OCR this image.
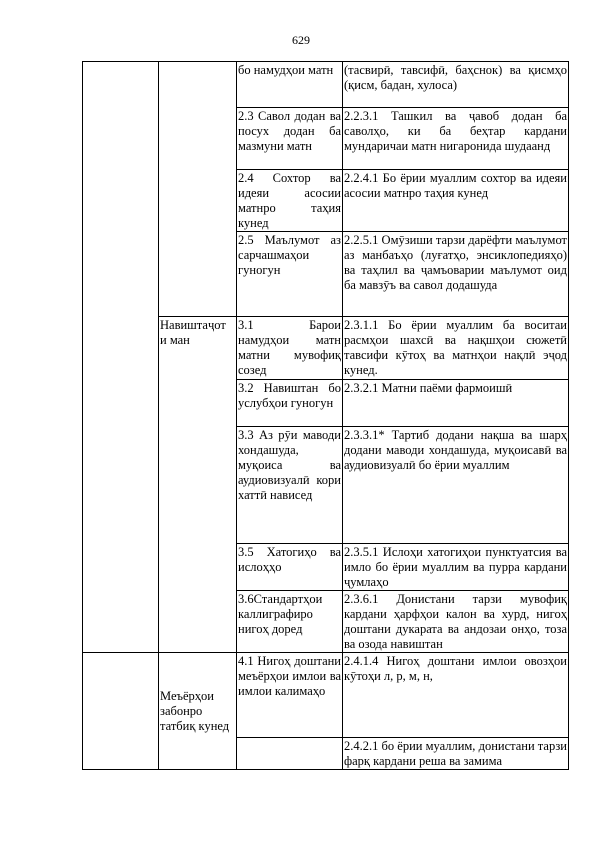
629
		бо намудҳои матн	(тасвирӣ, тавсифӣ, баҳснок) ва қисмҳо (қисм, бадан, хулоса)
		2.3 Савол додан ва посух додан ба мазмуни матн	2.2.3.1 Ташкил ва ҷавоб додан ба саволҳо, ки ба беҳтар кардани мундаричаи матн нигаронида шудаанд
		2.4 Сохтор ва идеяи асосии матнро таҳия кунед	2.2.4.1 Бо ёрии муаллим сохтор ва идеяи асосии матнро таҳия кунед
		2.5 Маълумот аз сарчашмаҳои гуногун	2.2.5.1 Омӯзиши тарзи дарёфти маълумот аз манбаъҳо (луғатҳо, энсиклопедияҳо) ва таҳлил ва ҷамъоварии маълумот оид ба мавзӯъ ва савол додашуда
	Навиштаҷот и ман	3.1 Барои намудҳои матн матни мувофиқ созед	2.3.1.1 Бо ёрии муаллим ба воситаи расмҳои шахсӣ ва нақшҳои сюжетӣ тавсифи кӯтоҳ ва матнҳои нақлӣ эҷод кунед.
		3.2 Навиштан бо услубҳои гуногун	2.3.2.1 Матни паёми фармоишӣ
		3.3 Аз рӯи маводи хондашуда, муқоиса ва аудиовизуалӣ кори хаттӣ нависед	2.3.3.1* Тартиб додани нақша ва шарҳ додани маводи хондашуда, муқоисавӣ ва аудиовизуалӣ бо ёрии муаллим
		3.5 Хатогиҳо ва ислоҳҳо	2.3.5.1 Ислоҳи хатогиҳои пунктуатсия ва имло бо ёрии муаллим ва пурра кардани ҷумлаҳо
		3.6Стандартҳои каллиграфиро нигоҳ доред	2.3.6.1 Донистани тарзи мувофиқ кардани ҳарфҳои калон ва хурд, нигоҳ доштани дукарата ва андозаи онҳо, тоза ва озода навиштан
	Меъёрҳои забонро татбиқ кунед	4.1 Нигоҳ доштани меъёрҳои имлои ва имлои калимаҳо	2.4.1.4 Нигоҳ доштани имлои овозҳои кӯтоҳи л, р, м, н,
			2.4.2.1 бо ёрии муаллим, донистани тарзи фарқ кардани реша ва замима
